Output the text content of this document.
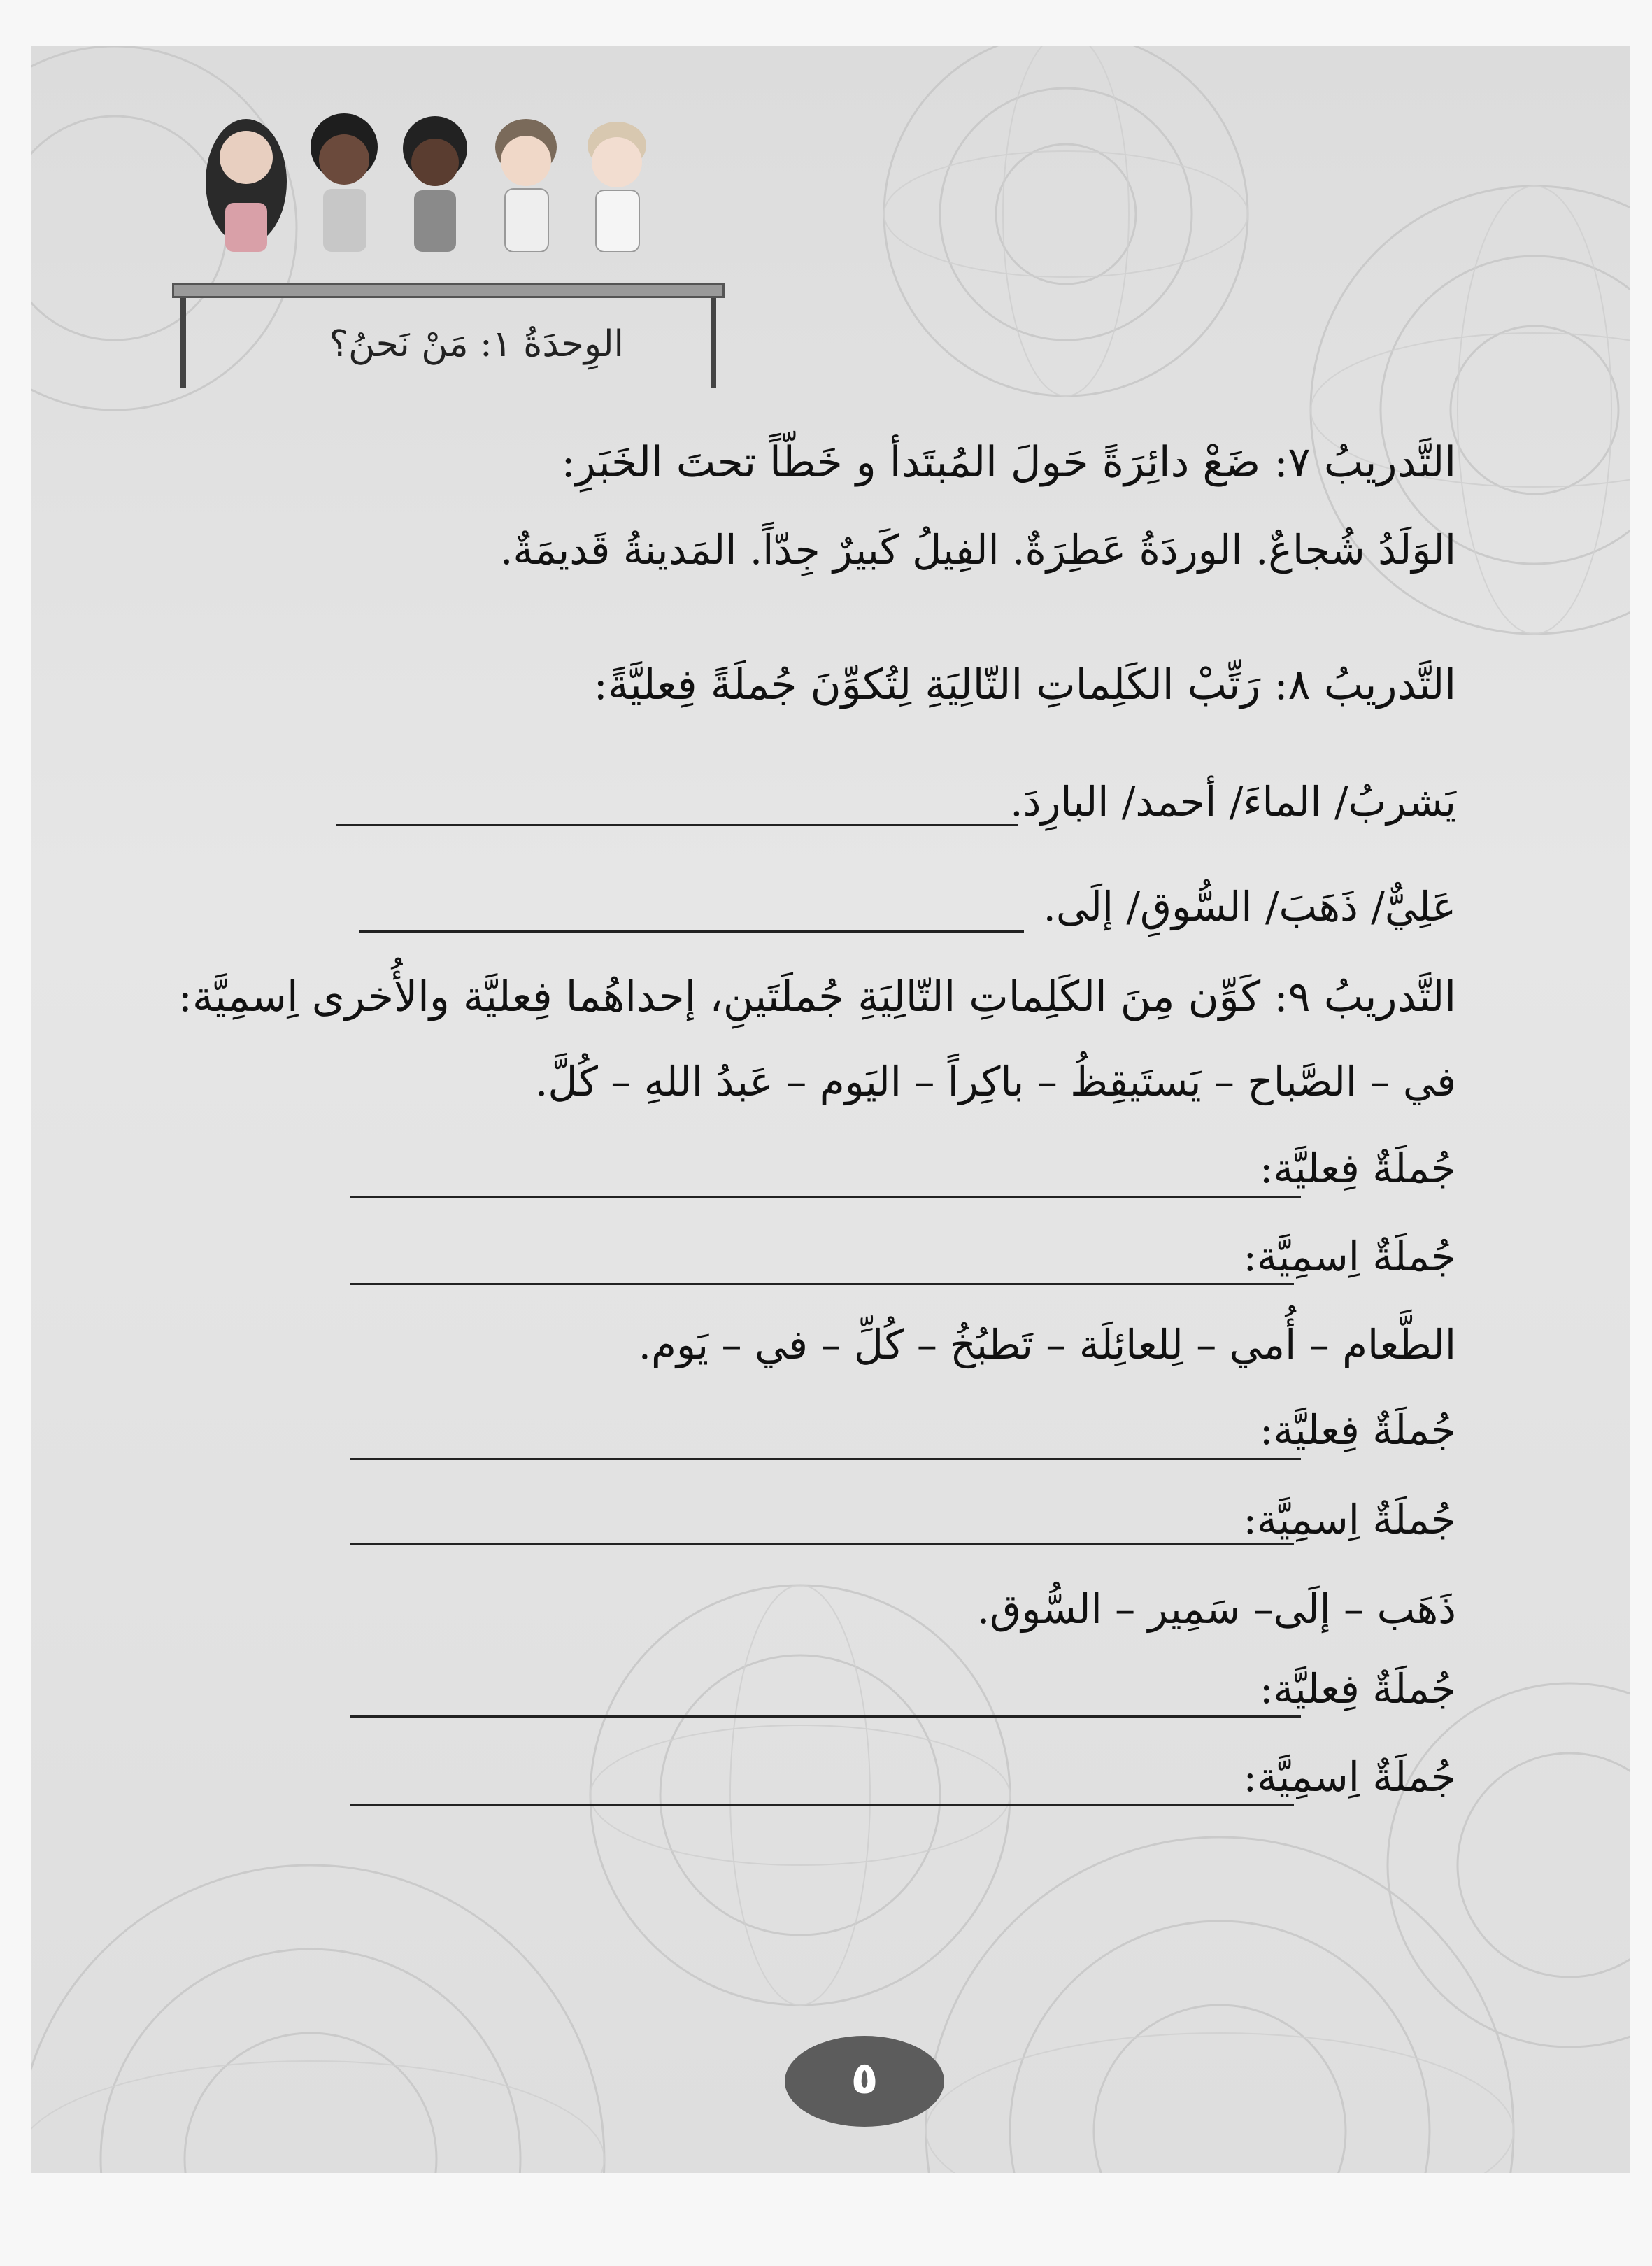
الوِحدَةُ ١: مَنْ نَحنُ؟
التَّدريبُ ٧: ضَعْ دائِرَةً حَولَ المُبتَدأ و خَطّاً تحتَ الخَبَرِ:
الوَلَدُ شُجاعٌ. الوردَةُ عَطِرَةٌ. الفِيلُ كَبيرٌ جِدّاً. المَدينةُ قَديمَةٌ.
التَّدريبُ ٨: رَتِّبْ الكَلِماتِ التّالِيَةِ لِتُكوِّنَ جُملَةً فِعليَّةً:
يَشربُ/ الماءَ/ أحمد/ البارِدَ.
عَلِيٌّ/ ذَهَبَ/ السُّوقِ/ إلَى.
التَّدريبُ ٩: كَوِّن مِنَ الكَلِماتِ التّالِيَةِ جُملَتَينِ، إحداهُما فِعليَّة والأُخرى اِسمِيَّة:
في – الصَّباح – يَستَيقِظُ – باكِراً – اليَوم – عَبدُ اللهِ – كُلَّ.
جُملَةٌ فِعليَّة:
جُملَةٌ اِسمِيَّة:
الطَّعام – أُمي – لِلعائِلَة – تَطبُخُ – كُلِّ – في – يَوم.
جُملَةٌ فِعليَّة:
جُملَةٌ اِسمِيَّة:
ذَهَب – إلَى– سَمِير – السُّوق.
جُملَةٌ فِعليَّة:
جُملَةٌ اِسمِيَّة:
٥
